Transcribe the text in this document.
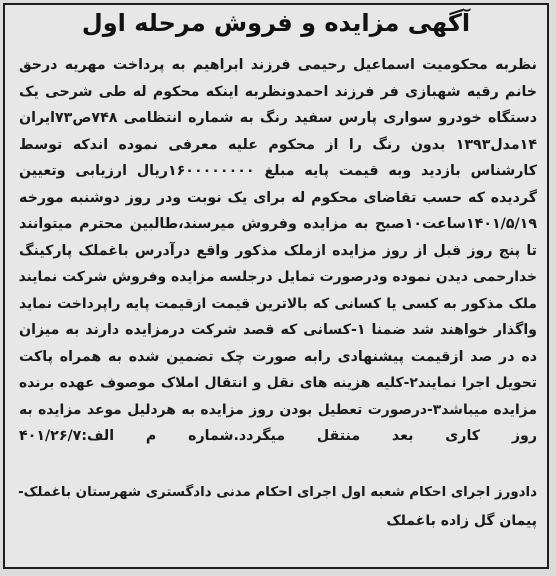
آگهی مزایده و فروش مرحله اول
نظربه محکومیت اسماعیل رحیمی فرزند ابراهیم به پرداخت مهریه درحق
خانم رقیه شهبازی فر فرزند احمدونظربه اینکه محکوم له طی شرحی یک
دستگاه خودرو سواری پارس سفید رنگ به شماره انتظامی ۷۴۸ص۷۳ایران
۱۴مدل۱۳۹۳ بدون رنگ را از محکوم علیه معرفی نموده اندکه توسط
کارشناس بازدید وبه قیمت پایه مبلغ ۱۶۰۰۰۰۰۰۰۰ریال ارزیابی وتعیین
گردیده که حسب تقاضای محکوم له برای یک نوبت ودر روز دوشنبه مورخه
۱۴۰۱/۵/۱۹ساعت۱۰صبح به مزایده وفروش میرسند،طالبین محترم میتوانند
تا پنج روز قبل از روز مزایده ازملک مذکور واقع درآدرس باغملک پارکینگ
خدارحمی دیدن نموده ودرصورت تمایل درجلسه مزایده وفروش شرکت نمایند
ملک مذکور به کسی یا کسانی که بالاترین قیمت ازقیمت پایه راپرداخت نماید
واگذار خواهند شد ضمنا ۱-کسانی که قصد شرکت درمزایده دارند به میزان
ده در صد ازقیمت پیشنهادی رابه صورت چک تضمین شده به همراه پاکت
تحویل اجرا نمایند۲-کلیه هزینه های نقل و انتقال املاک موصوف عهده برنده
مزایده میباشد۳-درصورت تعطیل بودن روز مزایده به هردلیل موعد مزایده به
روز کاری بعد منتقل میگردد.شماره م الف:۴۰۱/۲۶/۷
دادورز اجرای احکام شعبه اول اجرای احکام مدنی دادگستری شهرستان باغملک-
پیمان گل زاده باغملک
